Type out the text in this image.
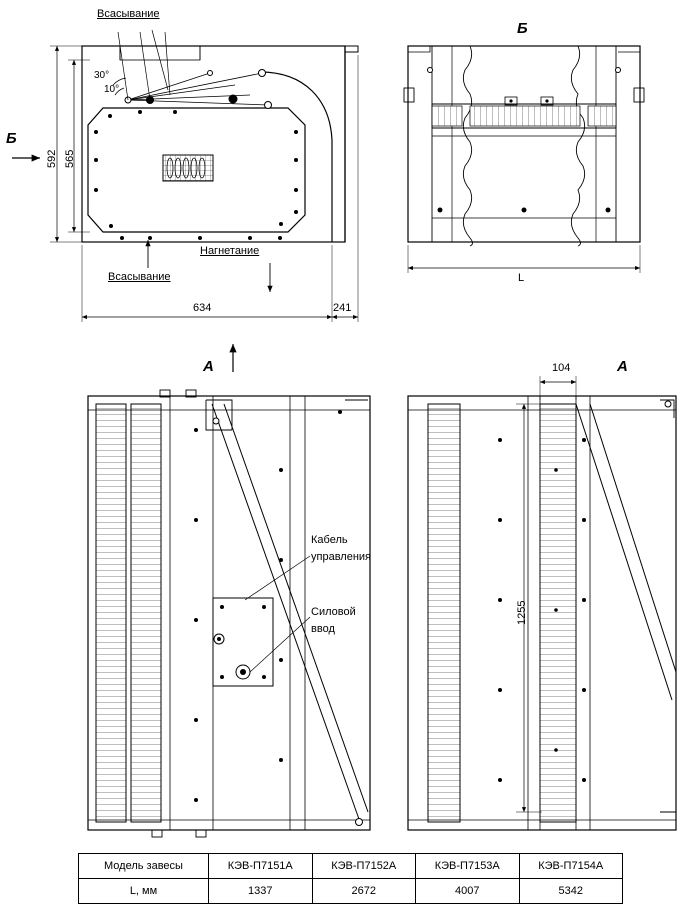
Всасывание
Всасывание
Нагнетание
30°
10°
592 565
634	241
Б
Б
L
А	А
Кабель
управления
Силовой
ввод
104
1255
Модель завесы	КЭВ-П7151А	КЭВ-П7152А	КЭВ-П7153А	КЭВ-П7154А
L, мм	1337	2672	4007	5342
